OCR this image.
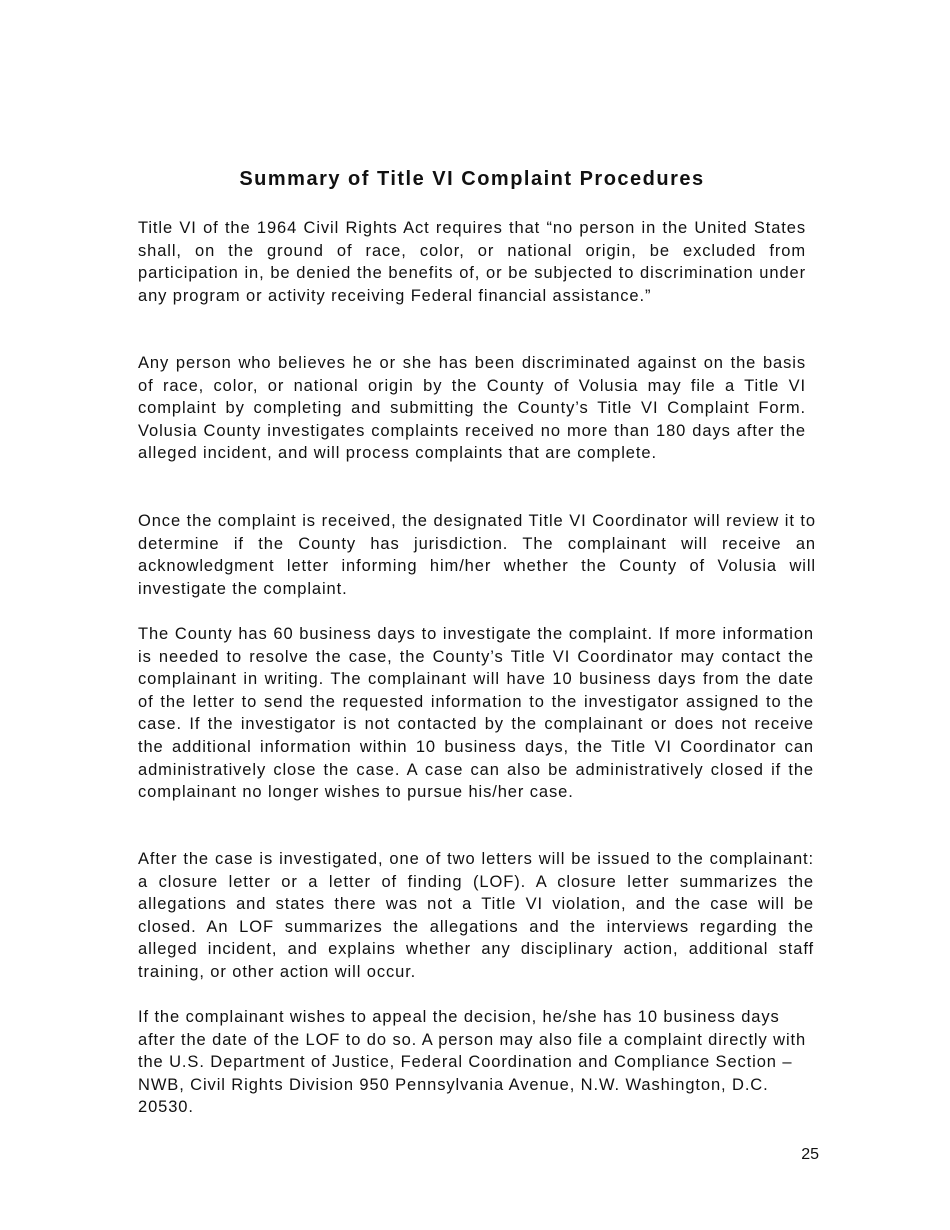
Summary of Title VI Complaint Procedures

Title VI of the 1964 Civil Rights Act requires that “no person in the United States shall, on the ground of race, color, or national origin, be excluded from participation in, be denied the benefits of, or be subjected to discrimination under any program or activity receiving Federal financial assistance.”

Any person who believes he or she has been discriminated against on the basis of race, color, or national origin by the County of Volusia may file a Title VI complaint by completing and submitting the County’s Title VI Complaint Form. Volusia County investigates complaints received no more than 180 days after the alleged incident, and will process complaints that are complete.

Once the complaint is received, the designated Title VI Coordinator will review it to determine if the County has jurisdiction. The complainant will receive an acknowledgment letter informing him/her whether the County of Volusia will investigate the complaint.

The County has 60 business days to investigate the complaint. If more information is needed to resolve the case, the County’s Title VI Coordinator may contact the complainant in writing. The complainant will have 10 business days from the date of the letter to send the requested information to the investigator assigned to the case. If the investigator is not contacted by the complainant or does not receive the additional information within 10 business days, the Title VI Coordinator can administratively close the case. A case can also be administratively closed if the complainant no longer wishes to pursue his/her case.

After the case is investigated, one of two letters will be issued to the complainant: a closure letter or a letter of finding (LOF). A closure letter summarizes the allegations and states there was not a Title VI violation, and the case will be closed. An LOF summarizes the allegations and the interviews regarding the alleged incident, and explains whether any disciplinary action, additional staff training, or other action will occur.

If the complainant wishes to appeal the decision, he/she has 10 business days after the date of the LOF to do so. A person may also file a complaint directly with the U.S. Department of Justice, Federal Coordination and Compliance Section – NWB, Civil Rights Division 950 Pennsylvania Avenue, N.W. Washington, D.C. 20530.

25
